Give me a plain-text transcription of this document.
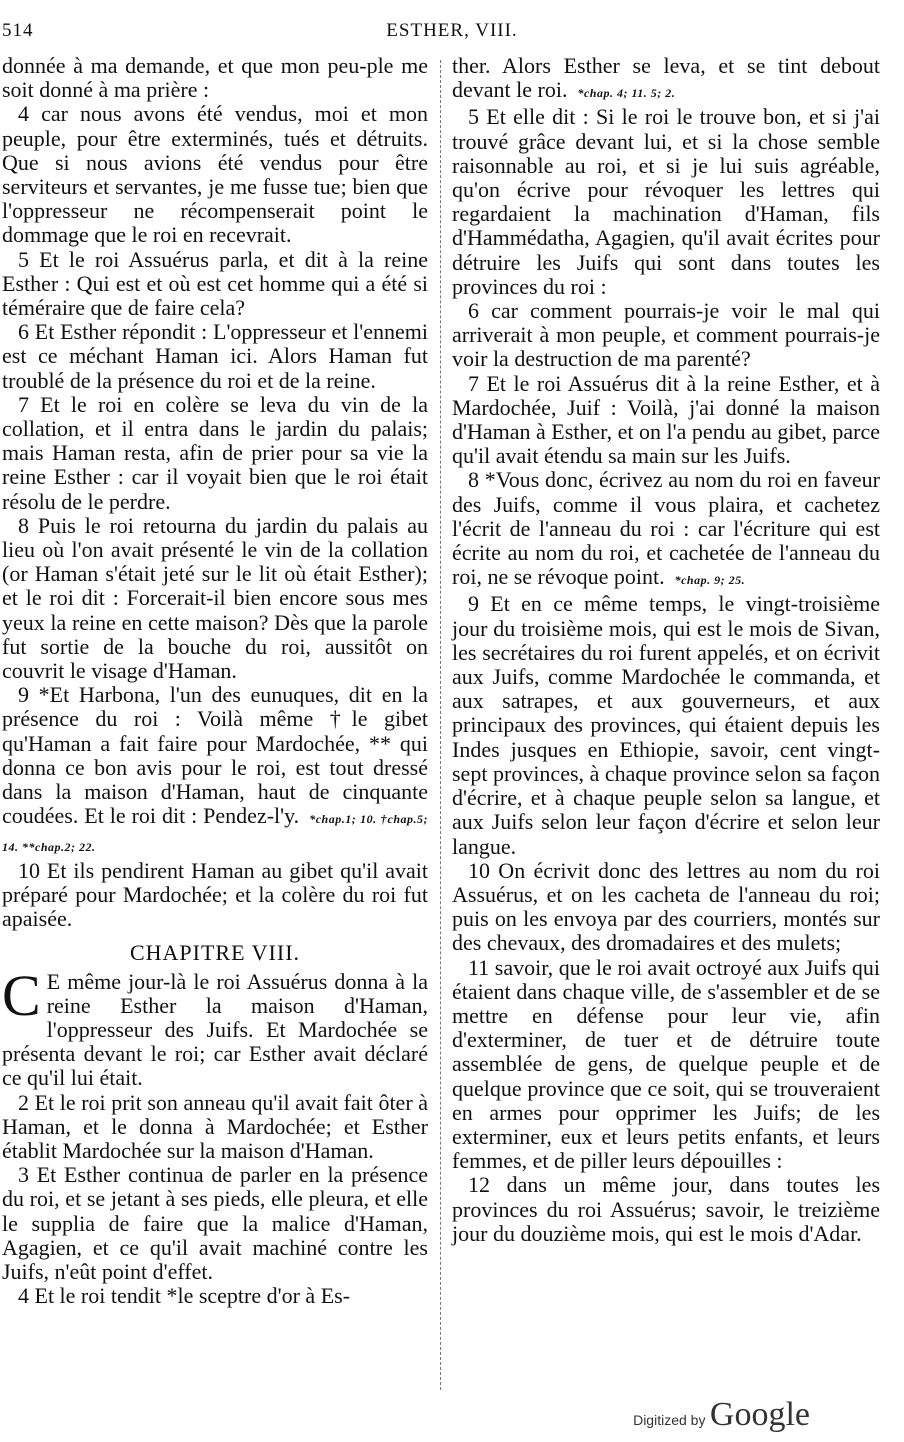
514	ESTHER, VIII.

donnée à ma demande, et que mon peu-ple me soit donné à ma prière :

4 car nous avons été vendus, moi et mon peuple, pour être exterminés, tués et détruits. Que si nous avions été vendus pour être serviteurs et servantes, je me fusse tue; bien que l'oppresseur ne récompenserait point le dommage que le roi en recevrait.

5 Et le roi Assuérus parla, et dit à la reine Esther : Qui est et où est cet homme qui a été si téméraire que de faire cela?

6 Et Esther répondit : L'oppresseur et l'ennemi est ce méchant Haman ici. Alors Haman fut troublé de la présence du roi et de la reine.

7 Et le roi en colère se leva du vin de la collation, et il entra dans le jardin du palais; mais Haman resta, afin de prier pour sa vie la reine Esther : car il voyait bien que le roi était résolu de le perdre.

8 Puis le roi retourna du jardin du palais au lieu où l'on avait présenté le vin de la collation (or Haman s'était jeté sur le lit où était Esther); et le roi dit : Forcerait-il bien encore sous mes yeux la reine en cette maison? Dès que la parole fut sortie de la bouche du roi, aussitôt on couvrit le visage d'Haman.

9 *Et Harbona, l'un des eunuques, dit en la présence du roi : Voilà même †le gibet qu'Haman a fait faire pour Mardochée, ** qui donna ce bon avis pour le roi, est tout dressé dans la maison d'Haman, haut de cinquante coudées. Et le roi dit : Pendez-l'y. *chap.1; 10. †chap.5; 14. **chap.2; 22.

10 Et ils pendirent Haman au gibet qu'il avait préparé pour Mardochée; et la colère du roi fut apaisée.

CHAPITRE VIII.

C E même jour-là le roi Assuérus donna à la reine Esther la maison d'Haman, l'oppresseur des Juifs. Et Mardochée se présenta devant le roi; car Esther avait déclaré ce qu'il lui était.

2 Et le roi prit son anneau qu'il avait fait ôter à Haman, et le donna à Mardochée; et Esther établit Mardochée sur la maison d'Haman.

3 Et Esther continua de parler en la présence du roi, et se jetant à ses pieds, elle pleura, et elle le supplia de faire que la malice d'Haman, Agagien, et ce qu'il avait machiné contre les Juifs, n'eût point d'effet.

4 Et le roi tendit *le sceptre d'or à Es-

ther. Alors Esther se leva, et se tint debout devant le roi. *chap. 4; 11. 5; 2.

5 Et elle dit : Si le roi le trouve bon, et si j'ai trouvé grâce devant lui, et si la chose semble raisonnable au roi, et si je lui suis agréable, qu'on écrive pour révoquer les lettres qui regardaient la machination d'Haman, fils d'Hammédatha, Agagien, qu'il avait écrites pour détruire les Juifs qui sont dans toutes les provinces du roi :

6 car comment pourrais-je voir le mal qui arriverait à mon peuple, et comment pourrais-je voir la destruction de ma parenté?

7 Et le roi Assuérus dit à la reine Esther, et à Mardochée, Juif : Voilà, j'ai donné la maison d'Haman à Esther, et on l'a pendu au gibet, parce qu'il avait étendu sa main sur les Juifs.

8 *Vous donc, écrivez au nom du roi en faveur des Juifs, comme il vous plaira, et cachetez l'écrit de l'anneau du roi : car l'écriture qui est écrite au nom du roi, et cachetée de l'anneau du roi, ne se révoque point. *chap. 9; 25.

9 Et en ce même temps, le vingt-troisième jour du troisième mois, qui est le mois de Sivan, les secrétaires du roi furent appelés, et on écrivit aux Juifs, comme Mardochée le commanda, et aux satrapes, et aux gouverneurs, et aux principaux des provinces, qui étaient depuis les Indes jusques en Ethiopie, savoir, cent vingt-sept provinces, à chaque province selon sa façon d'écrire, et à chaque peuple selon sa langue, et aux Juifs selon leur façon d'écrire et selon leur langue.

10 On écrivit donc des lettres au nom du roi Assuérus, et on les cacheta de l'anneau du roi; puis on les envoya par des courriers, montés sur des chevaux, des dromadaires et des mulets;

11 savoir, que le roi avait octroyé aux Juifs qui étaient dans chaque ville, de s'assembler et de se mettre en défense pour leur vie, afin d'exterminer, de tuer et de détruire toute assemblée de gens, de quelque peuple et de quelque province que ce soit, qui se trouveraient en armes pour opprimer les Juifs; de les exterminer, eux et leurs petits enfants, et leurs femmes, et de piller leurs dépouilles :

12 dans un même jour, dans toutes les provinces du roi Assuérus; savoir, le treizième jour du douzième mois, qui est le mois d'Adar.

Digitized by Google
